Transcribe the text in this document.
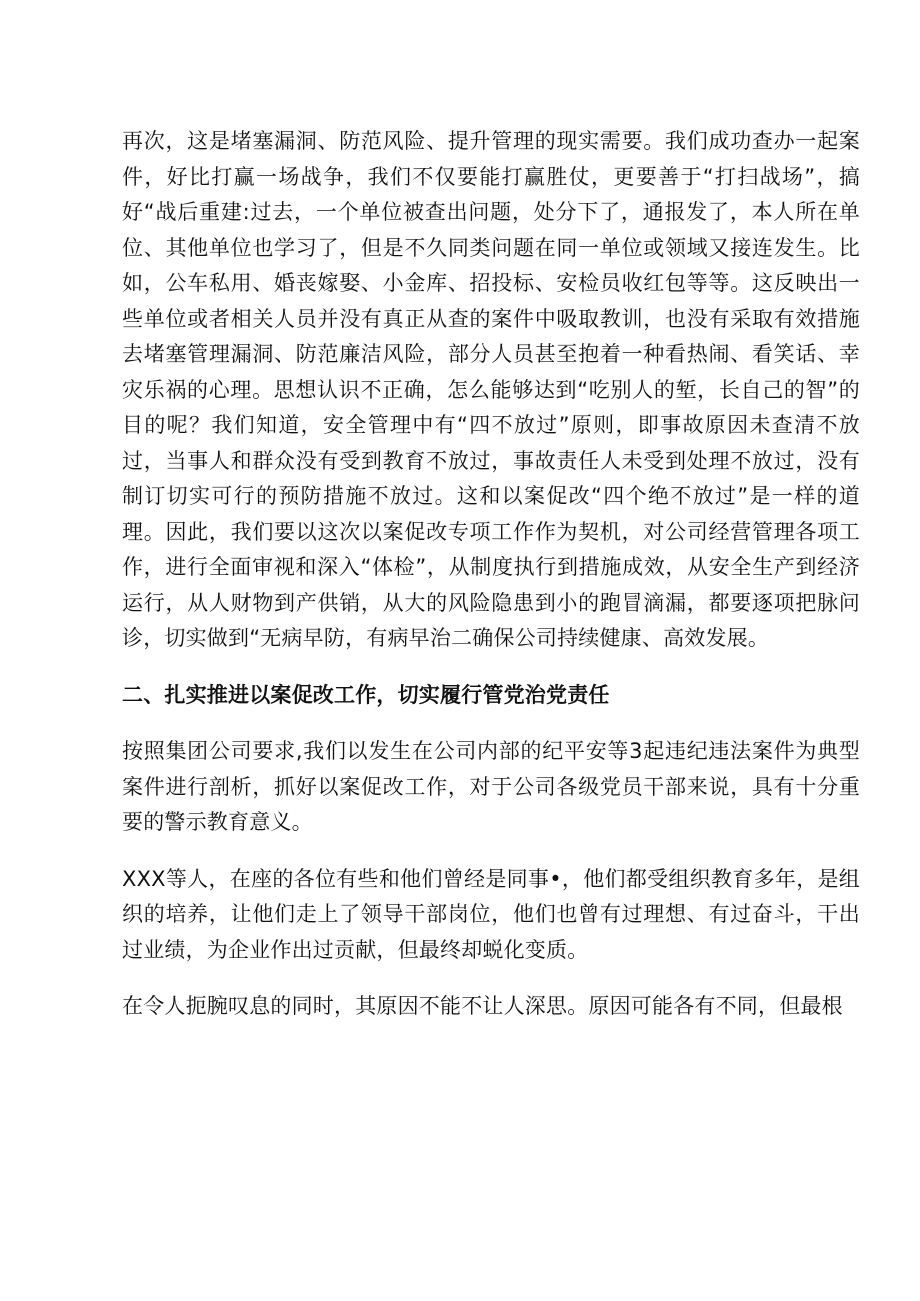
再次，这是堵塞漏洞、防范风险、提升管理的现实需要。我们成功查办一起案件，好比打赢一场战争，我们不仅要能打赢胜仗，更要善于“打扫战场”，搞好“战后重建:过去，一个单位被查出问题，处分下了，通报发了，本人所在单位、其他单位也学习了，但是不久同类问题在同一单位或领域又接连发生。比如，公车私用、婚丧嫁娶、小金库、招投标、安检员收红包等等。这反映出一些单位或者相关人员并没有真正从查的案件中吸取教训，也没有采取有效措施去堵塞管理漏洞、防范廉洁风险，部分人员甚至抱着一种看热闹、看笑话、幸灾乐祸的心理。思想认识不正确，怎么能够达到“吃别人的堑，长自己的智”的目的呢？我们知道，安全管理中有“四不放过”原则，即事故原因未查清不放过，当事人和群众没有受到教育不放过，事故责任人未受到处理不放过，没有制订切实可行的预防措施不放过。这和以案促改“四个绝不放过”是一样的道理。因此，我们要以这次以案促改专项工作作为契机，对公司经营管理各项工作，进行全面审视和深入“体检”，从制度执行到措施成效，从安全生产到经济运行，从人财物到产供销，从大的风险隐患到小的跑冒滴漏，都要逐项把脉问诊，切实做到“无病早防，有病早治二确保公司持续健康、高效发展。

二、扎实推进以案促改工作，切实履行管党治党责任

按照集团公司要求,我们以发生在公司内部的纪平安等3起违纪违法案件为典型案件进行剖析，抓好以案促改工作，对于公司各级党员干部来说，具有十分重要的警示教育意义。

XXX等人，在座的各位有些和他们曾经是同事•，他们都受组织教育多年，是组织的培养，让他们走上了领导干部岗位，他们也曾有过理想、有过奋斗，干出过业绩，为企业作出过贡献，但最终却蜕化变质。

在令人扼腕叹息的同时，其原因不能不让人深思。原因可能各有不同，但最根
